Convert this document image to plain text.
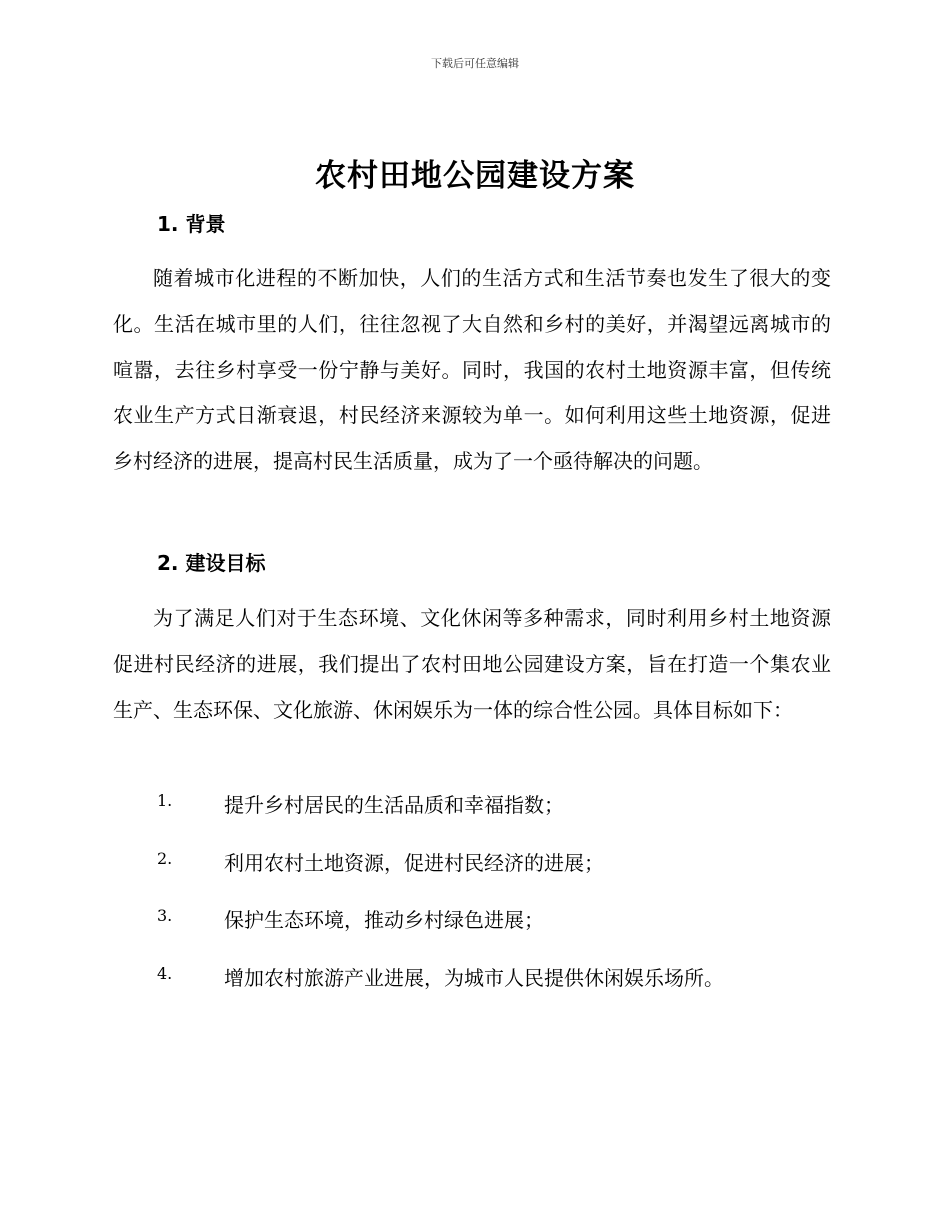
下载后可任意编辑
农村田地公园建设方案
1. 背景

随着城市化进程的不断加快，人们的生活方式和生活节奏也发生了很大的变化。生活在城市里的人们，往往忽视了大自然和乡村的美好，并渴望远离城市的喧嚣，去往乡村享受一份宁静与美好。同时，我国的农村土地资源丰富，但传统农业生产方式日渐衰退，村民经济来源较为单一。如何利用这些土地资源，促进乡村经济的进展，提高村民生活质量，成为了一个亟待解决的问题。

2. 建设目标

为了满足人们对于生态环境、文化休闲等多种需求，同时利用乡村土地资源促进村民经济的进展，我们提出了农村田地公园建设方案，旨在打造一个集农业生产、生态环保、文化旅游、休闲娱乐为一体的综合性公园。具体目标如下：

1.	提升乡村居民的生活品质和幸福指数；
2.	利用农村土地资源，促进村民经济的进展；
3.	保护生态环境，推动乡村绿色进展；
4.	增加农村旅游产业进展，为城市人民提供休闲娱乐场所。
